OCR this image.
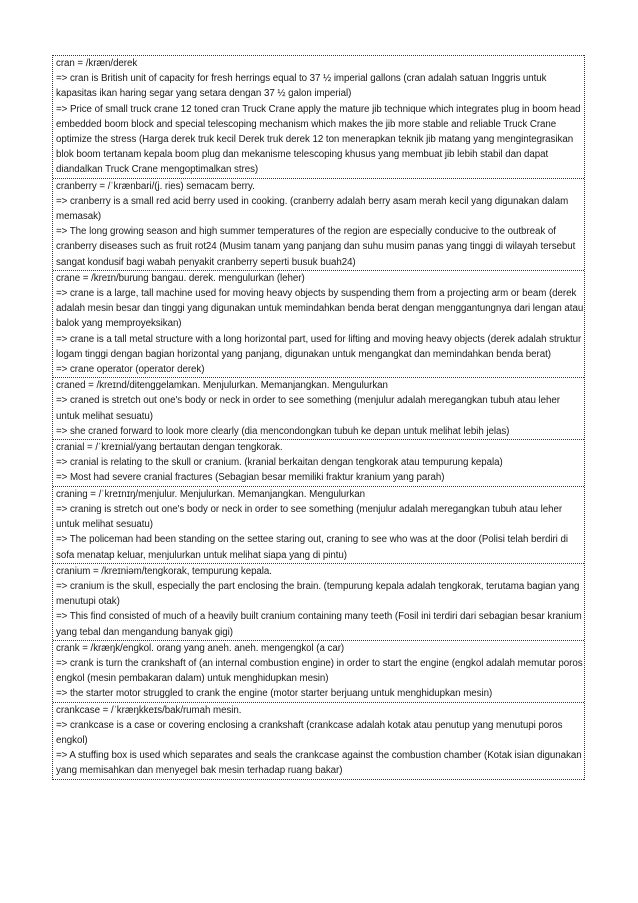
cran = /kræn/derek
=> cran is British unit of capacity for fresh herrings equal to 37 ½ imperial gallons (cran adalah satuan Inggris untuk kapasitas ikan haring segar yang setara dengan 37 ½ galon imperial)
=> Price of small truck crane 12 toned cran Truck Crane apply the mature jib technique which integrates plug in boom head embedded boom block and special telescoping mechanism which makes the jib more stable and reliable Truck Crane optimize the stress (Harga derek truk kecil Derek truk derek 12 ton menerapkan teknik jib matang yang mengintegrasikan blok boom tertanam kepala boom plug dan mekanisme telescoping khusus yang membuat jib lebih stabil dan dapat diandalkan Truck Crane mengoptimalkan stres)
cranberry = /ˈkrænbari/(j. ries) semacam berry.
=> cranberry is a small red acid berry used in cooking. (cranberry adalah berry asam merah kecil yang digunakan dalam memasak)
=> The long growing season and high summer temperatures of the region are especially conducive to the outbreak of cranberry diseases such as fruit rot24 (Musim tanam yang panjang dan suhu musim panas yang tinggi di wilayah tersebut sangat kondusif bagi wabah penyakit cranberry seperti busuk buah24)
crane = /kreɪn/burung bangau. derek. mengulurkan (leher)
=> crane is a large, tall machine used for moving heavy objects by suspending them from a projecting arm or beam (derek adalah mesin besar dan tinggi yang digunakan untuk memindahkan benda berat dengan menggantungnya dari lengan atau balok yang memproyeksikan)
=> crane is a tall metal structure with a long horizontal part, used for lifting and moving heavy objects (derek adalah struktur logam tinggi dengan bagian horizontal yang panjang, digunakan untuk mengangkat dan memindahkan benda berat)
=> crane operator (operator derek)
craned = /kreɪnd/ditenggelamkan. Menjulurkan. Memanjangkan. Mengulurkan
=> craned is stretch out one's body or neck in order to see something (menjulur adalah meregangkan tubuh atau leher untuk melihat sesuatu)
=> she craned forward to look more clearly (dia mencondongkan tubuh ke depan untuk melihat lebih jelas)
cranial = /ˈkreɪnial/yang bertautan dengan tengkorak.
=> cranial is relating to the skull or cranium. (kranial berkaitan dengan tengkorak atau tempurung kepala)
=> Most had severe cranial fractures (Sebagian besar memiliki fraktur kranium yang parah)
craning = /ˈkreɪnɪŋ/menjulur. Menjulurkan. Memanjangkan. Mengulurkan
=> craning is stretch out one's body or neck in order to see something (menjulur adalah meregangkan tubuh atau leher untuk melihat sesuatu)
=> The policeman had been standing on the settee staring out, craning to see who was at the door (Polisi telah berdiri di sofa menatap keluar, menjulurkan untuk melihat siapa yang di pintu)
cranium = /kreɪniəm/tengkorak, tempurung kepala.
=> cranium is the skull, especially the part enclosing the brain. (tempurung kepala adalah tengkorak, terutama bagian yang menutupi otak)
=> This find consisted of much of a heavily built cranium containing many teeth (Fosil ini terdiri dari sebagian besar kranium yang tebal dan mengandung banyak gigi)
crank = /kræŋk/engkol. orang yang aneh. aneh. mengengkol (a car)
=> crank is turn the crankshaft of (an internal combustion engine) in order to start the engine (engkol adalah memutar poros engkol (mesin pembakaran dalam) untuk menghidupkan mesin)
=> the starter motor struggled to crank the engine (motor starter berjuang untuk menghidupkan mesin)
crankcase = /ˈkræŋkkeɪs/bak/rumah mesin.
=> crankcase is a case or covering enclosing a crankshaft (crankcase adalah kotak atau penutup yang menutupi poros engkol)
=> A stuffing box is used which separates and seals the crankcase against the combustion chamber (Kotak isian digunakan yang memisahkan dan menyegel bak mesin terhadap ruang bakar)
